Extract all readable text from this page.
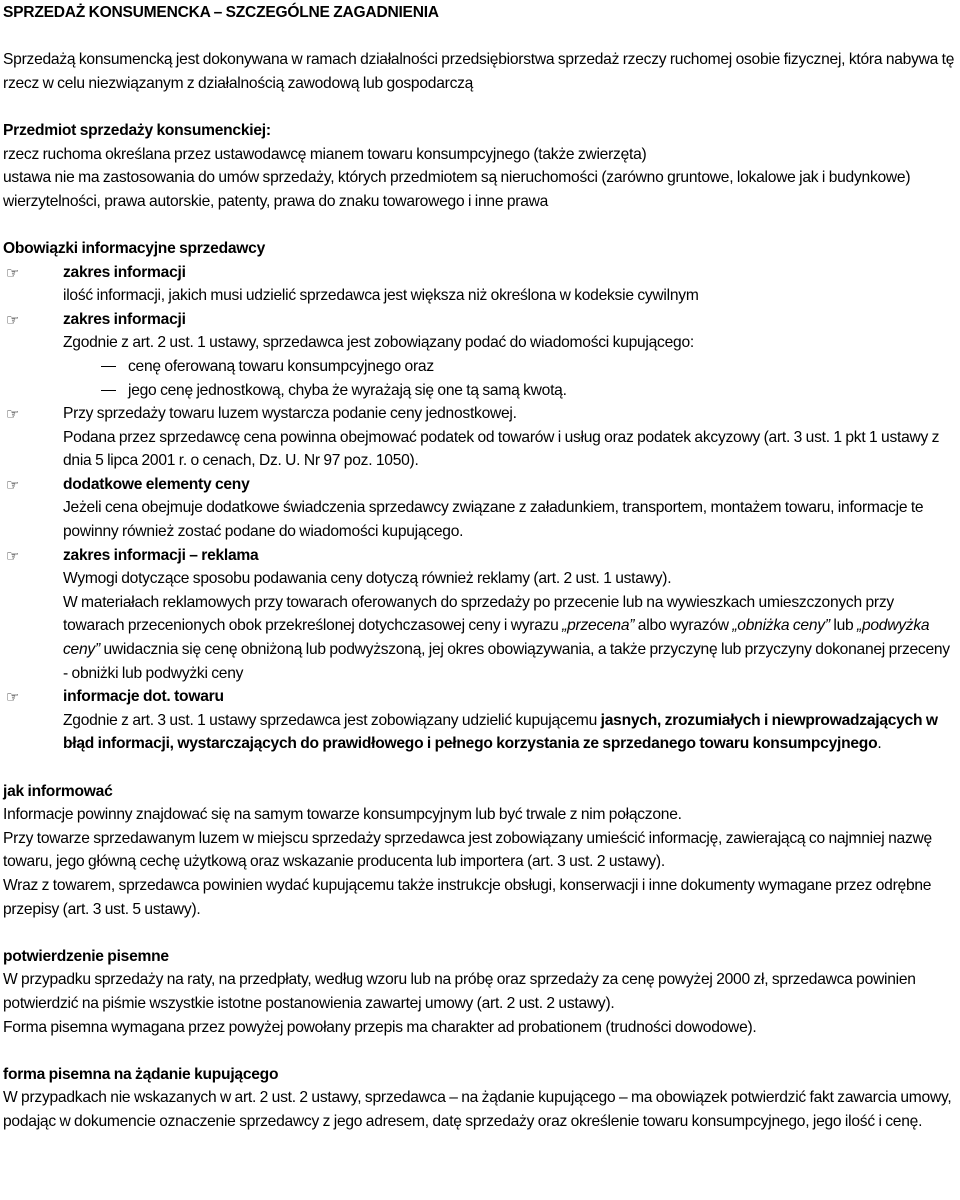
SPRZEDAŻ KONSUMENCKA – SZCZEGÓLNE ZAGADNIENIA

Sprzedażą konsumencką jest dokonywana w ramach działalności przedsiębiorstwa sprzedaż rzeczy ruchomej osobie fizycznej, która nabywa tę rzecz w celu niezwiązanym z działalnością zawodową lub gospodarczą

Przedmiot sprzedaży konsumenckiej:

rzecz ruchoma określana przez ustawodawcę mianem towaru konsumpcyjnego (także zwierzęta)

ustawa nie ma zastosowania do umów sprzedaży, których przedmiotem są nieruchomości (zarówno gruntowe, lokalowe jak i budynkowe) wierzytelności, prawa autorskie, patenty, prawa do znaku towarowego i inne prawa

Obowiązki informacyjne sprzedawcy

☞	zakres informacji

ilość informacji, jakich musi udzielić sprzedawca jest większa niż określona w kodeksie cywilnym

☞	zakres informacji

Zgodnie z art. 2 ust. 1 ustawy, sprzedawca jest zobowiązany podać do wiadomości kupującego:

cenę oferowaną towaru konsumpcyjnego oraz

jego cenę jednostkową, chyba że wyrażają się one tą samą kwotą.

☞	Przy sprzedaży towaru luzem wystarcza podanie ceny jednostkowej.

Podana przez sprzedawcę cena powinna obejmować podatek od towarów i usług oraz podatek akcyzowy (art. 3 ust. 1 pkt 1 ustawy z dnia 5 lipca 2001 r. o cenach, Dz. U. Nr 97 poz. 1050).

☞	dodatkowe elementy ceny

Jeżeli cena obejmuje dodatkowe świadczenia sprzedawcy związane z załadunkiem, transportem, montażem towaru, informacje te powinny również zostać podane do wiadomości kupującego.

☞	zakres informacji – reklama

Wymogi dotyczące sposobu podawania ceny dotyczą również reklamy (art. 2 ust. 1 ustawy).

W materiałach reklamowych przy towarach oferowanych do sprzedaży po przecenie lub na wywieszkach umieszczonych przy towarach przecenionych obok przekreślonej dotychczasowej ceny i wyrazu „przecena” albo wyrazów „obniżka ceny” lub „podwyżka ceny” uwidacznia się cenę obniżoną lub podwyższoną, jej okres obowiązywania, a także przyczynę lub przyczyny dokonanej przeceny - obniżki lub podwyżki ceny

☞	informacje dot. towaru

Zgodnie z art. 3 ust. 1 ustawy sprzedawca jest zobowiązany udzielić kupującemu jasnych, zrozumiałych i niewprowadzających w błąd informacji, wystarczających do prawidłowego i pełnego korzystania ze sprzedanego towaru konsumpcyjnego.

jak informować

Informacje powinny znajdować się na samym towarze konsumpcyjnym lub być trwale z nim połączone.

Przy towarze sprzedawanym luzem w miejscu sprzedaży sprzedawca jest zobowiązany umieścić informację, zawierającą co najmniej nazwę towaru, jego główną cechę użytkową oraz wskazanie producenta lub importera (art. 3 ust. 2 ustawy).

Wraz z towarem, sprzedawca powinien wydać kupującemu także instrukcje obsługi, konserwacji i inne dokumenty wymagane przez odrębne przepisy (art. 3 ust. 5 ustawy).

potwierdzenie pisemne

W przypadku sprzedaży na raty, na przedpłaty, według wzoru lub na próbę oraz sprzedaży za cenę powyżej 2000 zł, sprzedawca powinien potwierdzić na piśmie wszystkie istotne postanowienia zawartej umowy (art. 2 ust. 2 ustawy).

Forma pisemna wymagana przez powyżej powołany przepis ma charakter ad probationem (trudności dowodowe).

forma pisemna na żądanie kupującego

W przypadkach nie wskazanych w art. 2 ust. 2 ustawy, sprzedawca – na żądanie kupującego – ma obowiązek potwierdzić fakt zawarcia umowy, podając w dokumencie oznaczenie sprzedawcy z jego adresem, datę sprzedaży oraz określenie towaru konsumpcyjnego, jego ilość i cenę.
